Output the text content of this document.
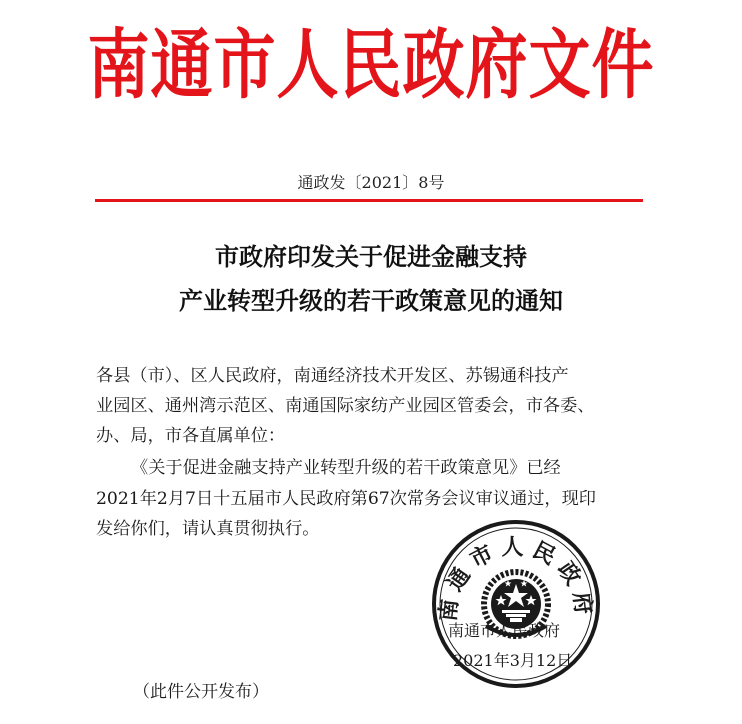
南通市人民政府文件
通政发〔2021〕8号
市政府印发关于促进金融支持
产业转型升级的若干政策意见的通知
各县（市）、区人民政府，南通经济技术开发区、苏锡通科技产
业园区、通州湾示范区、南通国际家纺产业园区管委会，市各委、
办、局，市各直属单位：
《关于促进金融支持产业转型升级的若干政策意见》已经
2021年2月7日十五届市人民政府第67次常务会议审议通过，现印
发给你们，请认真贯彻执行。
南通市人民政府
南通市人民政府
2021年3月12日
（此件公开发布）
